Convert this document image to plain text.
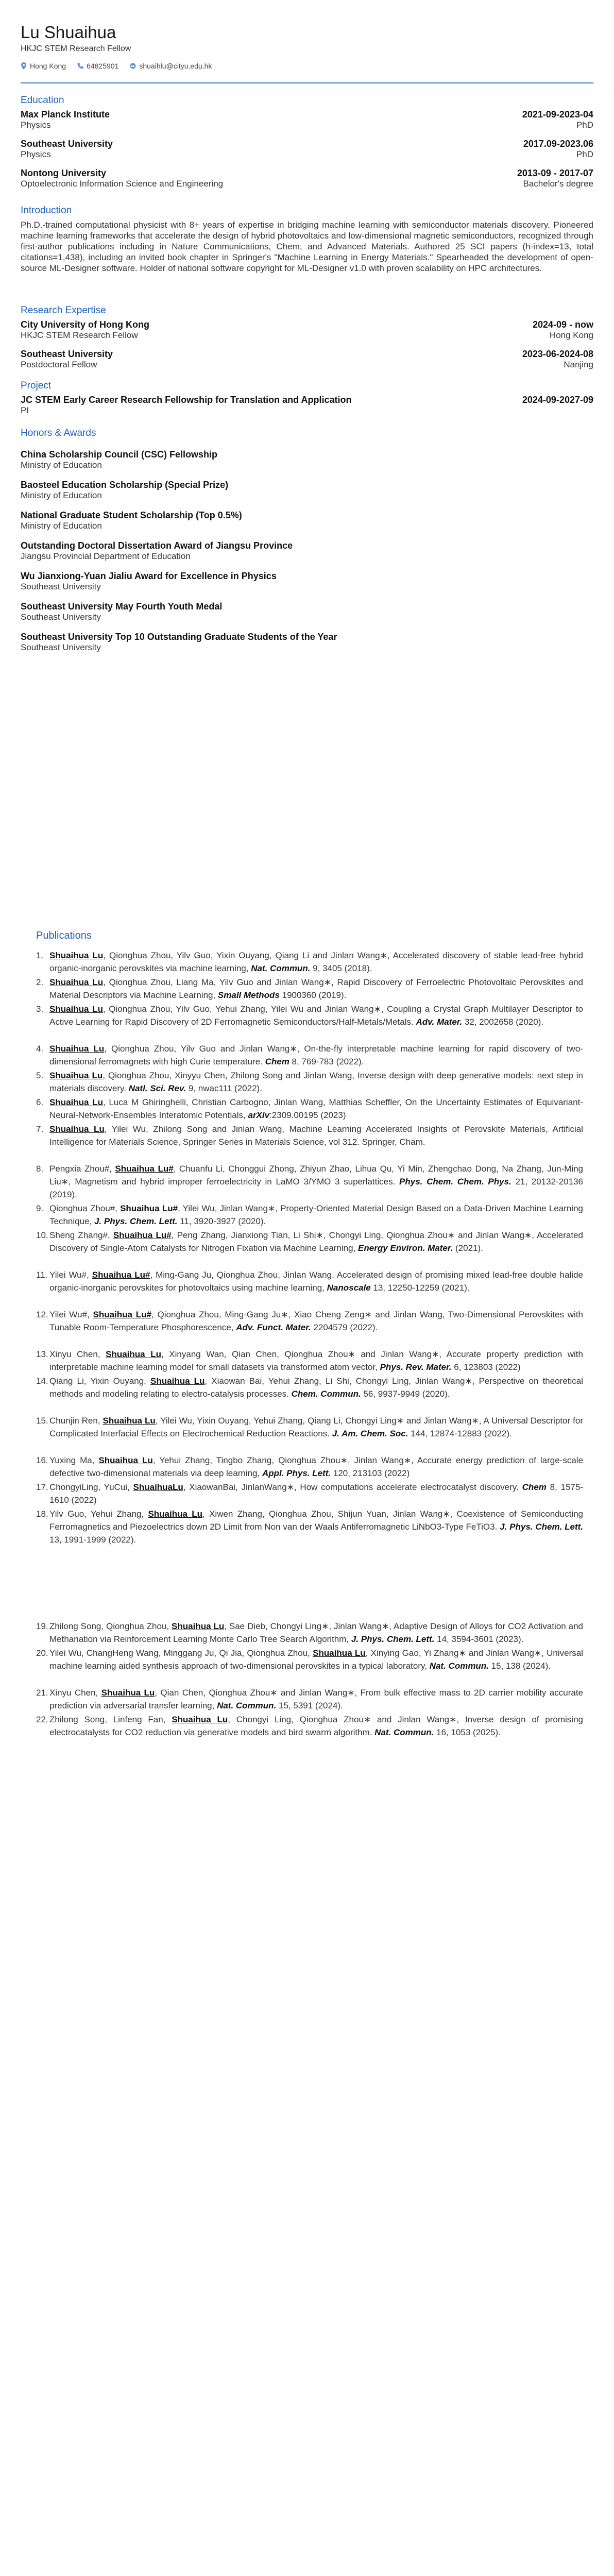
Lu Shuaihua
HKJC STEM Research Fellow
Hong Kong	64825901	shuaihlu@cityu.edu.hk
Education
Max Planck Institute	2021-09-2023-04
Physics	PhD
Southeast University	2017.09-2023.06
Physics	PhD
Nontong University	2013-09 - 2017-07
Optoelectronic Information Science and Engineering	Bachelor's degree
Introduction

Ph.D.-trained computational physicist with 8+ years of expertise in bridging machine learning with semiconductor materials discovery. Pioneered machine learning frameworks that accelerate the design of hybrid photovoltaics and low-dimensional magnetic semiconductors, recognized through first-author publications including in Nature Communications, Chem, and Advanced Materials. Authored 25 SCI papers (h-index=13, total citations=1,438), including an invited book chapter in Springer's "Machine Learning in Energy Materials." Spearheaded the development of open-source ML-Designer software. Holder of national software copyright for ML-Designer v1.0 with proven scalability on HPC architectures.

Research Expertise
City University of Hong Kong	2024-09 - now
HKJC STEM Research Fellow	Hong Kong
Southeast University	2023-06-2024-08
Postdoctoral Fellow	Nanjing
Project
JC STEM Early Career Research Fellowship for Translation and Application	2024-09-2027-09
PI
Honors & Awards
China Scholarship Council (CSC) Fellowship
Ministry of Education
Baosteel Education Scholarship (Special Prize)
Ministry of Education
National Graduate Student Scholarship (Top 0.5%)
Ministry of Education
Outstanding Doctoral Dissertation Award of Jiangsu Province
Jiangsu Provincial Department of Education
Wu Jianxiong-Yuan Jialiu Award for Excellence in Physics
Southeast University
Southeast University May Fourth Youth Medal
Southeast University
Southeast University Top 10 Outstanding Graduate Students of the Year
Southeast University
Publications
1. Shuaihua Lu, Qionghua Zhou, Yilv Guo, Yixin Ouyang, Qiang Li and Jinlan Wang∗, Accelerated discovery of stable lead-free hybrid organic-inorganic perovskites via machine learning, Nat. Commun. 9, 3405 (2018).
2. Shuaihua Lu, Qionghua Zhou, Liang Ma, Yilv Guo and Jinlan Wang∗, Rapid Discovery of Ferroelectric Photovoltaic Perovskites and Material Descriptors via Machine Learning, Small Methods 1900360 (2019).
3. Shuaihua Lu, Qionghua Zhou, Yilv Guo, Yehui Zhang, Yilei Wu and Jinlan Wang∗, Coupling a Crystal Graph Multilayer Descriptor to Active Learning for Rapid Discovery of 2D Ferromagnetic Semiconductors/Half-Metals/Metals. Adv. Mater. 32, 2002658 (2020).
4. Shuaihua Lu, Qionghua Zhou, Yilv Guo and Jinlan Wang∗, On-the-fly interpretable machine learning for rapid discovery of two-dimensional ferromagnets with high Curie temperature. Chem 8, 769-783 (2022).
5. Shuaihua Lu, Qionghua Zhou, Xinyyu Chen, Zhilong Song and Jinlan Wang, Inverse design with deep generative models: next step in materials discovery. Natl. Sci. Rev. 9, nwac111 (2022).
6. Shuaihua Lu, Luca M Ghiringhelli, Christian Carbogno, Jinlan Wang, Matthias Scheffler, On the Uncertainty Estimates of Equivariant-Neural-Network-Ensembles Interatomic Potentials, arXiv:2309.00195 (2023)
7. Shuaihua Lu, Yilei Wu, Zhilong Song and Jinlan Wang, Machine Learning Accelerated Insights of Perovskite Materials, Artificial Intelligence for Materials Science, Springer Series in Materials Science, vol 312. Springer, Cham.
8. Pengxia Zhou#, Shuaihua Lu#, Chuanfu Li, Chonggui Zhong, Zhiyun Zhao, Lihua Qu, Yi Min, Zhengchao Dong, Na Zhang, Jun-Ming Liu∗, Magnetism and hybrid improper ferroelectricity in LaMO 3/YMO 3 superlattices. Phys. Chem. Chem. Phys. 21, 20132-20136 (2019).
9. Qionghua Zhou#, Shuaihua Lu#, Yilei Wu, Jinlan Wang∗, Property-Oriented Material Design Based on a Data-Driven Machine Learning Technique, J. Phys. Chem. Lett. 11, 3920-3927 (2020).
10. Sheng Zhang#, Shuaihua Lu#, Peng Zhang, Jianxiong Tian, Li Shi∗, Chongyi Ling, Qionghua Zhou∗ and Jinlan Wang∗, Accelerated Discovery of Single-Atom Catalysts for Nitrogen Fixation via Machine Learning, Energy Environ. Mater. (2021).
11. Yilei Wu#, Shuaihua Lu#, Ming-Gang Ju, Qionghua Zhou, Jinlan Wang, Accelerated design of promising mixed lead-free double halide organic-inorganic perovskites for photovoltaics using machine learning, Nanoscale 13, 12250-12259 (2021).
12. Yilei Wu#, Shuaihua Lu#, Qionghua Zhou, Ming-Gang Ju∗, Xiao Cheng Zeng∗ and Jinlan Wang, Two-Dimensional Perovskites with Tunable Room-Temperature Phosphorescence, Adv. Funct. Mater. 2204579 (2022).
13. Xinyu Chen, Shuaihua Lu, Xinyang Wan, Qian Chen, Qionghua Zhou∗ and Jinlan Wang∗, Accurate property prediction with interpretable machine learning model for small datasets via transformed atom vector, Phys. Rev. Mater. 6, 123803 (2022)
14. Qiang Li, Yixin Ouyang, Shuaihua Lu, Xiaowan Bai, Yehui Zhang, Li Shi, Chongyi Ling, Jinlan Wang∗, Perspective on theoretical methods and modeling relating to electro-catalysis processes. Chem. Commun. 56, 9937-9949 (2020).
15. Chunjin Ren, Shuaihua Lu, Yilei Wu, Yixin Ouyang, Yehui Zhang, Qiang Li, Chongyi Ling∗ and Jinlan Wang∗, A Universal Descriptor for Complicated Interfacial Effects on Electrochemical Reduction Reactions. J. Am. Chem. Soc. 144, 12874-12883 (2022).
16. Yuxing Ma, Shuaihua Lu, Yehui Zhang, Tingbo Zhang, Qionghua Zhou∗, Jinlan Wang∗, Accurate energy prediction of large-scale defective two-dimensional materials via deep learning, Appl. Phys. Lett. 120, 213103 (2022)
17. ChongyiLing, YuCui, ShuaihuaLu, XiaowanBai, JinlanWang∗, How computations accelerate electrocatalyst discovery. Chem 8, 1575-1610 (2022)
18. Yilv Guo, Yehui Zhang, Shuaihua Lu, Xiwen Zhang, Qionghua Zhou, Shijun Yuan, Jinlan Wang∗, Coexistence of Semiconducting Ferromagnetics and Piezoelectrics down 2D Limit from Non van der Waals Antiferromagnetic LiNbO3-Type FeTiO3. J. Phys. Chem. Lett. 13, 1991-1999 (2022).
19. Zhilong Song, Qionghua Zhou, Shuaihua Lu, Sae Dieb, Chongyi Ling∗, Jinlan Wang∗, Adaptive Design of Alloys for CO2 Activation and Methanation via Reinforcement Learning Monte Carlo Tree Search Algorithm, J. Phys. Chem. Lett. 14, 3594-3601 (2023).
20. Yilei Wu, ChangHeng Wang, Minggang Ju, Qi Jia, Qionghua Zhou, Shuaihua Lu, Xinying Gao, Yi Zhang∗ and Jinlan Wang∗, Universal machine learning aided synthesis approach of two-dimensional perovskites in a typical laboratory, Nat. Commun. 15, 138 (2024).
21. Xinyu Chen, Shuaihua Lu, Qian Chen, Qionghua Zhou∗ and Jinlan Wang∗, From bulk effective mass to 2D carrier mobility accurate prediction via adversarial transfer learning, Nat. Commun. 15, 5391 (2024).
22. Zhilong Song, Linfeng Fan, Shuaihua Lu, Chongyi Ling, Qionghua Zhou∗ and Jinlan Wang∗, Inverse design of promising electrocatalysts for CO2 reduction via generative models and bird swarm algorithm. Nat. Commun. 16, 1053 (2025).
